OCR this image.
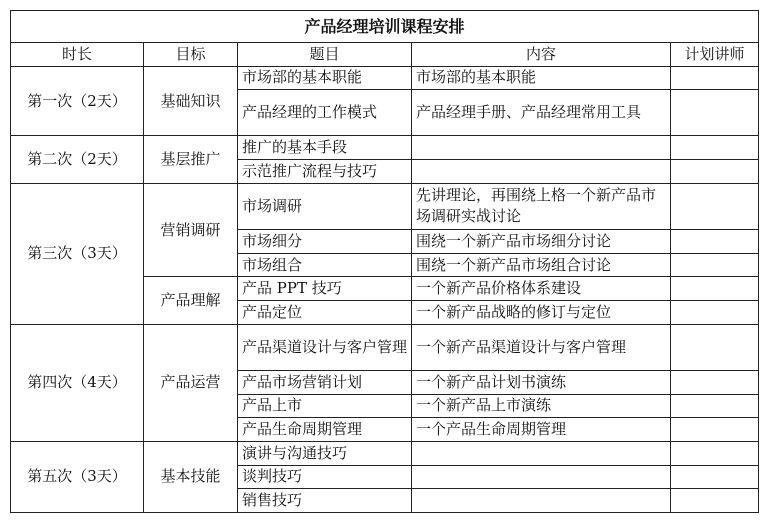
产品经理培训课程安排				
时长	目标	题目	内容	计划讲师
第一次（2天）	基础知识	市场部的基本职能	市场部的基本职能	
		产品经理的工作模式	产品经理手册、产品经理常用工具	
第二次（2天）	基层推广	推广的基本手段		
		示范推广流程与技巧		
第三次（3天）	营销调研	市场调研	先讲理论，再围绕上格一个新产品市场调研实战讨论	
		市场细分	围绕一个新产品市场细分讨论	
		市场组合	围绕一个新产品市场组合讨论	
	产品理解	产品 PPT 技巧	一个新产品价格体系建设	
		产品定位	一个新产品战略的修订与定位	
第四次（4天）	产品运营	产品渠道设计与客户管理	一个新产品渠道设计与客户管理	
		产品市场营销计划	一个新产品计划书演练	
		产品上市	一个新产品上市演练	
		产品生命周期管理	一个产品生命周期管理	
第五次（3天）	基本技能	演讲与沟通技巧		
		谈判技巧		
		销售技巧		
